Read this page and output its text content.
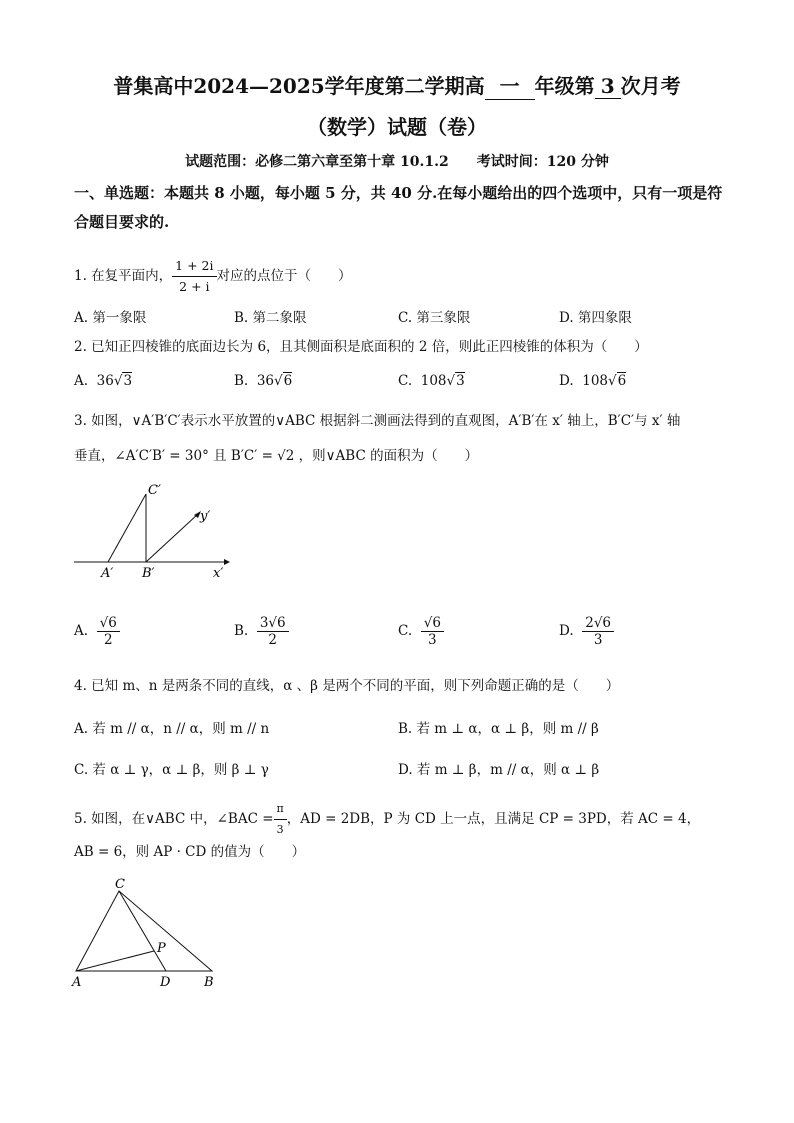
普集高中2024—2025学年度第二学期高 一 年级第 3 次月考
（数学）试题（卷）
试题范围：必修二第六章至第十章 10.1.2 考试时间：120 分钟
一、单选题：本题共 8 小题，每小题 5 分，共 40 分.在每小题给出的四个选项中，只有一项是符合题目要求的.
1. 在复平面内， $\frac{1 + 2i}{2 + i}$ 对应的点位于（　　）
A. 第一象限	B. 第二象限	C. 第三象限	D. 第四象限
2. 已知正四棱锥的底面边长为 6，且其侧面积是底面积的 2 倍，则此正四棱锥的体积为（　　）
A. 36√3	B. 36√6	C. 108√3	D. 108√6
3. 如图，∨A′B′C′表示水平放置的∨ABC 根据斜二测画法得到的直观图，A′B′在 x′ 轴上，B′C′与 x′ 轴
垂直，∠A′C′B′ = 30° 且 B′C′ = √2 ，则∨ABC 的面积为（　　）
C′
A′ B′	x′
y′
A. $\frac{√6}{2}$	B. $\frac{3√6}{2}$	C. $\frac{√6}{3}$	D. $\frac{2√6}{3}$
4. 已知 m、n 是两条不同的直线，α 、β 是两个不同的平面，则下列命题正确的是（　　）
A. 若 m // α，n // α，则 m // n	B. 若 m ⊥ α，α ⊥ β，则 m // β
C. 若 α ⊥ γ，α ⊥ β，则 β ⊥ γ	D. 若 m ⊥ β，m // α，则 α ⊥ β
5. 如图，在∨ABC 中，∠BAC = $\frac{\pi}{3}$ ，AD = 2DB，P 为 CD 上一点，且满足 CP = 3PD，若 AC = 4，
AB = 6，则 AP · CD 的值为（　　）
C
P
A	D	B
